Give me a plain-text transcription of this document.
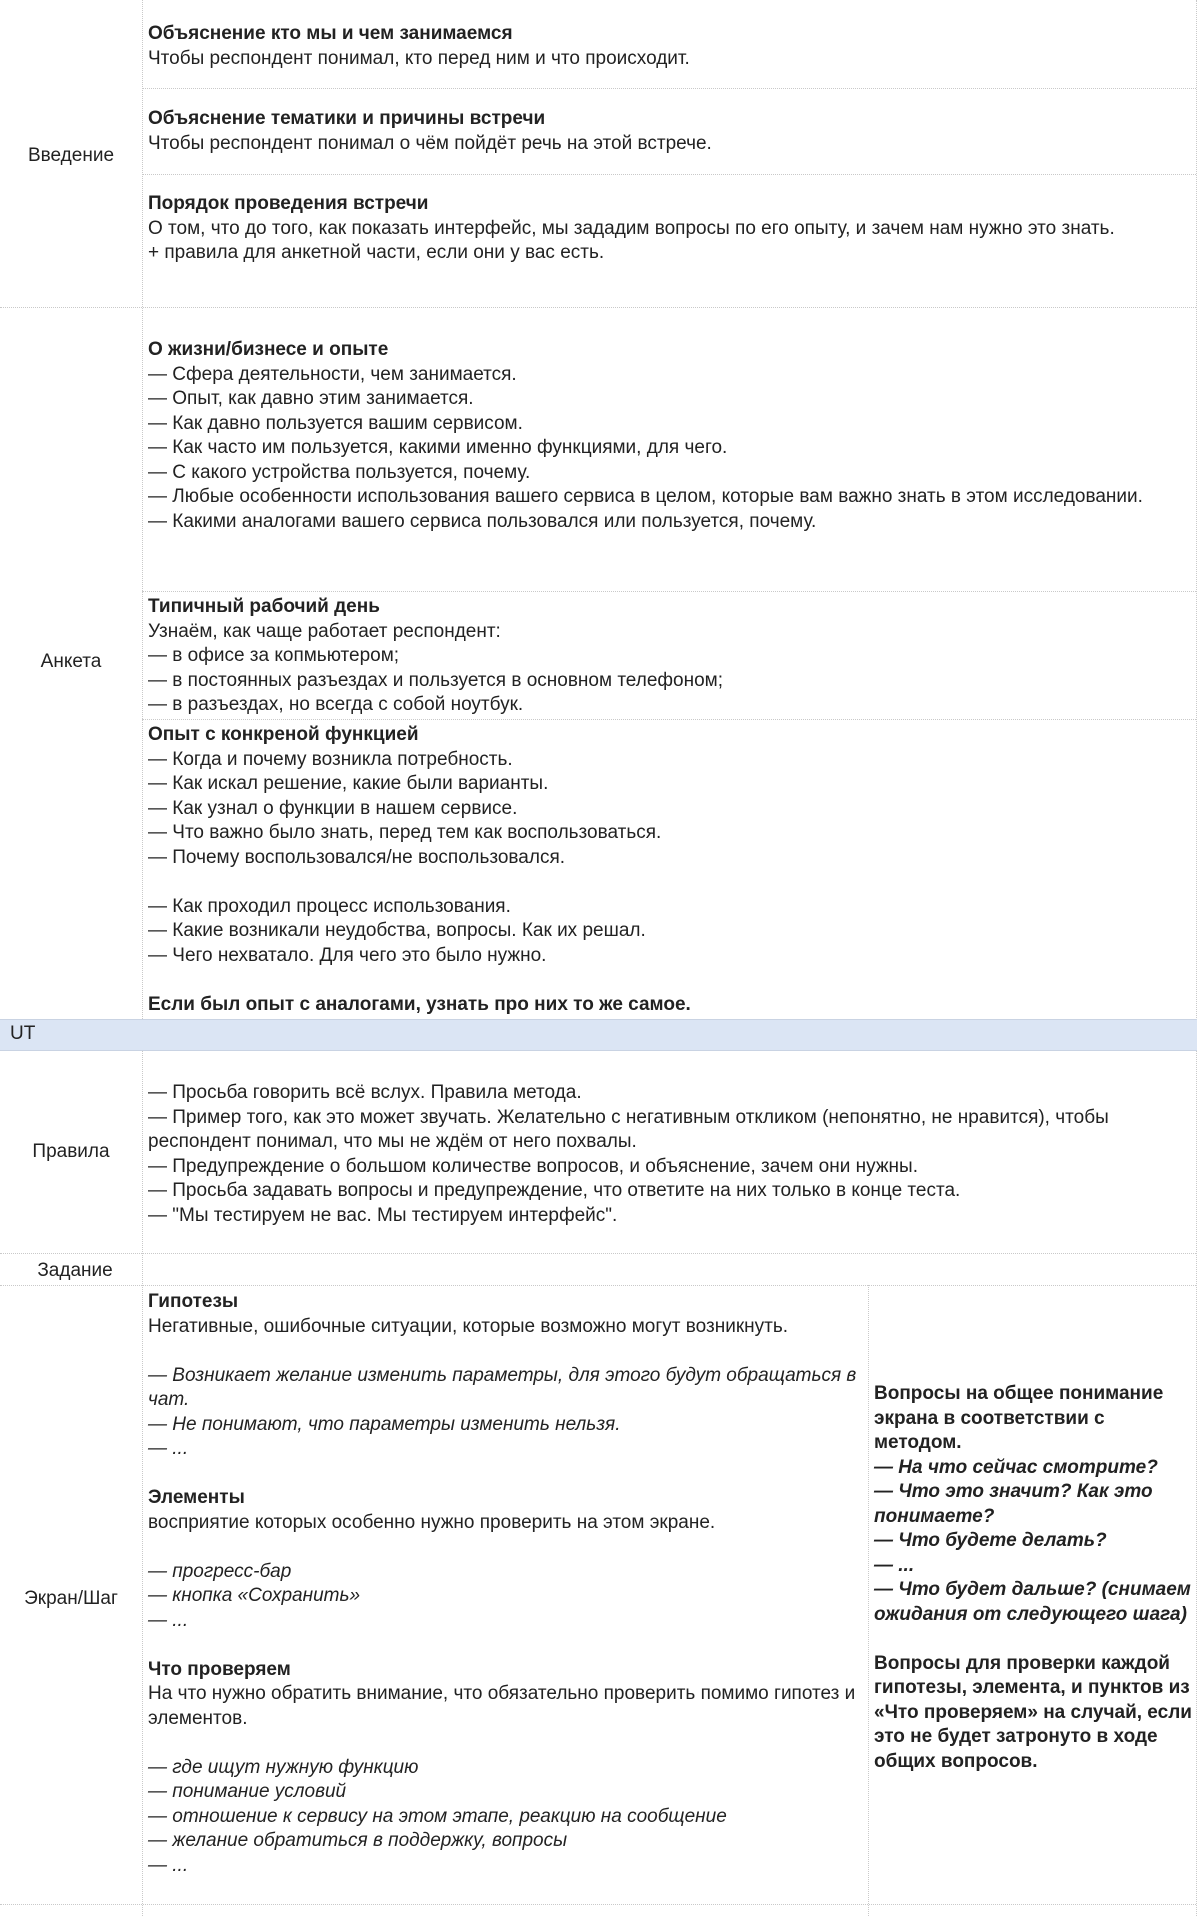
Введение
Объяснение кто мы и чем занимаемся
Чтобы респондент понимал, кто перед ним и что происходит.
Объяснение тематики и причины встречи
Чтобы респондент понимал о чём пойдёт речь на этой встрече.
Порядок проведения встречи
О том, что до того, как показать интерфейс, мы зададим вопросы по его опыту, и зачем нам нужно это знать.
+ правила для анкетной части, если они у вас есть.
Анкета
О жизни/бизнесе и опыте
— Сфера деятельности, чем занимается.
— Опыт, как давно этим занимается.
— Как давно пользуется вашим сервисом.
— Как часто им пользуется, какими именно функциями, для чего.
— С какого устройства пользуется, почему.
— Любые особенности использования вашего сервиса в целом, которые вам важно знать в этом исследовании.
— Какими аналогами вашего сервиса пользовался или пользуется, почему.
Типичный рабочий день
Узнаём, как чаще работает респондент:
— в офисе за копмьютером;
— в постоянных разъездах и пользуется в основном телефоном;
— в разъездах, но всегда с собой ноутбук.
Опыт с конкреной функцией
— Когда и почему возникла потребность.
— Как искал решение, какие были варианты.
— Как узнал о функции в нашем сервисе.
— Что важно было знать, перед тем как воспользоваться.
— Почему воспользовался/не воспользовался.

— Как проходил процесс использования.
— Какие возникали неудобства, вопросы. Как их решал.
— Чего нехватало. Для чего это было нужно.
Если был опыт с аналогами, узнать про них то же самое.
UT
Правила
— Просьба говорить всё вслух. Правила метода.
— Пример того, как это может звучать. Желательно с негативным откликом (непонятно, не нравится), чтобы респондент понимал, что мы не ждём от него похвалы.
— Предупреждение о большом количестве вопросов, и объяснение, зачем они нужны.
— Просьба задавать вопросы и предупреждение, что ответите на них только в конце теста.
— "Мы тестируем не вас. Мы тестируем интерфейс".
Задание
Экран/Шаг
Гипотезы
Негативные, ошибочные ситуации, которые возможно могут возникнуть.
— Возникает желание изменить параметры, для этого будут обращаться в чат.
— Не понимают, что параметры изменить нельзя.
— ...
Элементы
восприятие которых особенно нужно проверить на этом экране.
— прогресс-бар
— кнопка «Сохранить»
— ...
Что проверяем
На что нужно обратить внимание, что обязательно проверить помимо гипотез и элементов.
— где ищут нужную функцию
— понимание условий
— отношение к сервису на этом этапе, реакцию на сообщение
— желание обратиться в поддержку, вопросы
— ...
Вопросы на общее понимание экрана в соответствии с методом.
— На что сейчас смотрите?
— Что это значит? Как это понимаете?
— Что будете делать?
— ...
— Что будет дальше? (снимаем ожидания от следующего шага)
Вопросы для проверки каждой гипотезы, элемента, и пунктов из «Что проверяем» на случай, если это не будет затронуто в ходе общих вопросов.
